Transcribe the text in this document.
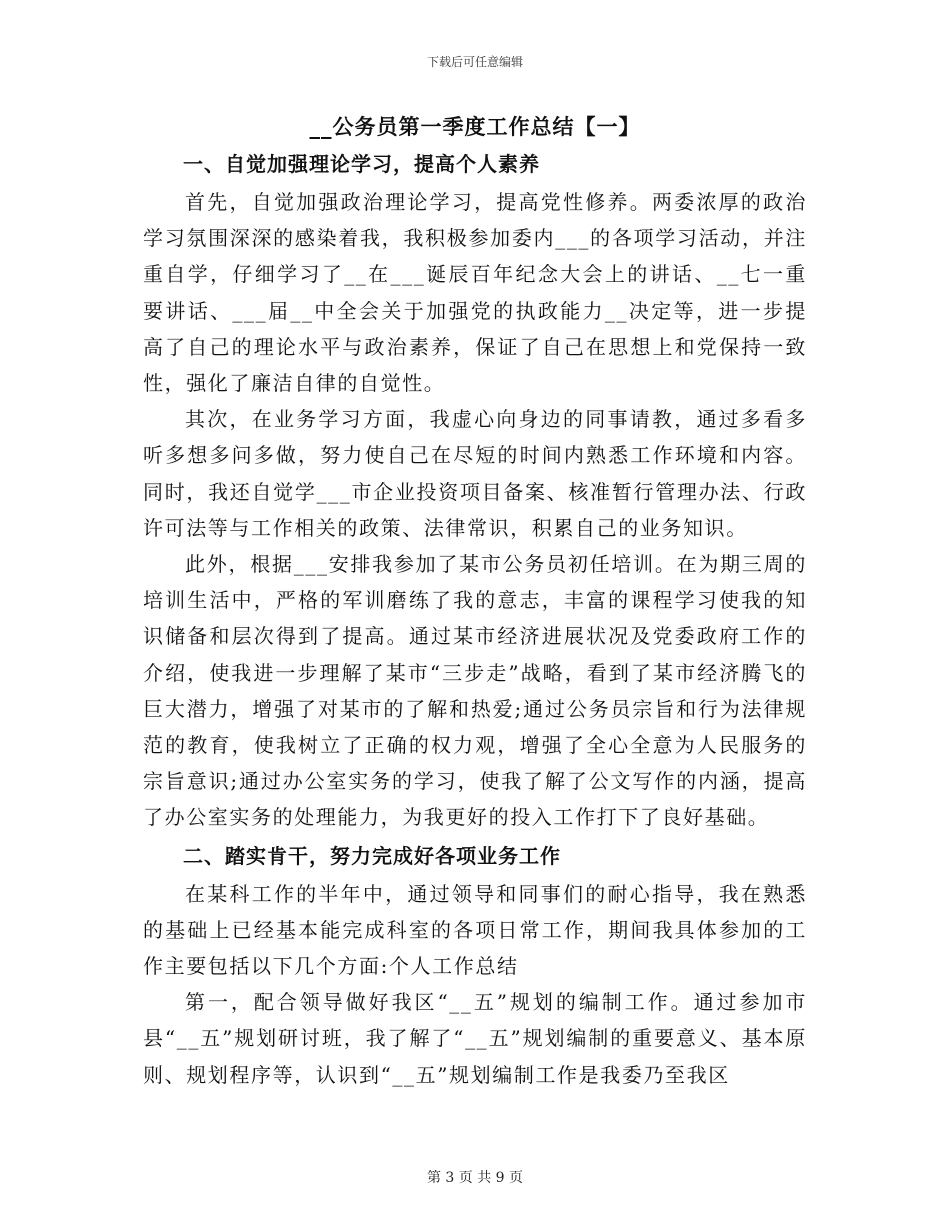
下载后可任意编辑
__公务员第一季度工作总结【一】
一、自觉加强理论学习，提高个人素养

首先，自觉加强政治理论学习，提高党性修养。两委浓厚的政治学习氛围深深的感染着我，我积极参加委内___的各项学习活动，并注重自学，仔细学习了__在___诞辰百年纪念大会上的讲话、__七一重要讲话、___届__中全会关于加强党的执政能力__决定等，进一步提高了自己的理论水平与政治素养，保证了自己在思想上和党保持一致性，强化了廉洁自律的自觉性。

其次，在业务学习方面，我虚心向身边的同事请教，通过多看多听多想多问多做，努力使自己在尽短的时间内熟悉工作环境和内容。同时，我还自觉学___市企业投资项目备案、核准暂行管理办法、行政许可法等与工作相关的政策、法律常识，积累自己的业务知识。

此外，根据___安排我参加了某市公务员初任培训。在为期三周的培训生活中，严格的军训磨练了我的意志，丰富的课程学习使我的知识储备和层次得到了提高。通过某市经济进展状况及党委政府工作的介绍，使我进一步理解了某市“三步走”战略，看到了某市经济腾飞的巨大潜力，增强了对某市的了解和热爱;通过公务员宗旨和行为法律规范的教育，使我树立了正确的权力观，增强了全心全意为人民服务的宗旨意识;通过办公室实务的学习，使我了解了公文写作的内涵，提高了办公室实务的处理能力，为我更好的投入工作打下了良好基础。

二、踏实肯干，努力完成好各项业务工作

在某科工作的半年中，通过领导和同事们的耐心指导，我在熟悉的基础上已经基本能完成科室的各项日常工作，期间我具体参加的工作主要包括以下几个方面:个人工作总结

第一，配合领导做好我区“__五”规划的编制工作。通过参加市县“__五”规划研讨班，我了解了“__五”规划编制的重要意义、基本原则、规划程序等，认识到“__五”规划编制工作是我委乃至我区

第 3 页 共 9 页
